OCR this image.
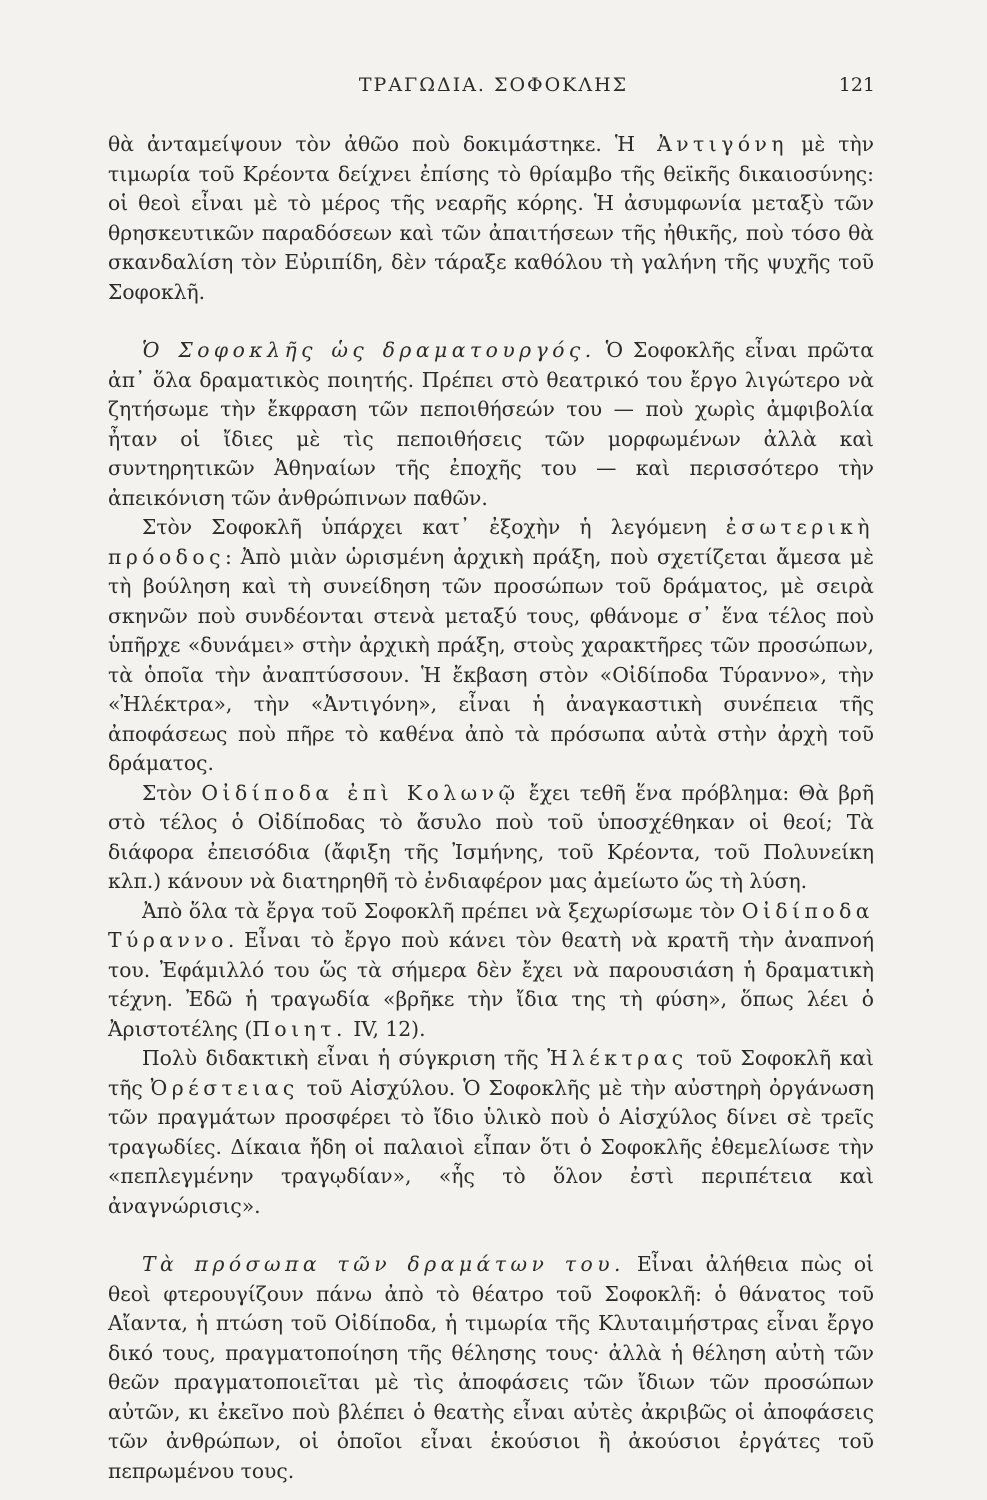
ΤΡΑΓΩΔΙΑ. ΣΟΦΟΚΛΗΣ	121

θὰ ἀνταμείψουν τὸν ἀθῶο ποὺ δοκιμάστηκε. Ἡ Ἀντιγόνη μὲ τὴν τιμωρία τοῦ Κρέοντα δείχνει ἐπίσης τὸ θρίαμβο τῆς θεϊκῆς δικαιοσύνης: οἱ θεοὶ εἶναι μὲ τὸ μέρος τῆς νεαρῆς κόρης. Ἡ ἀσυμφωνία μεταξὺ τῶν θρησκευτικῶν παραδόσεων καὶ τῶν ἀπαιτήσεων τῆς ἠθικῆς, ποὺ τόσο θὰ σκανδαλίση τὸν Εὐριπίδη, δὲν τάραξε καθόλου τὴ γαλήνη τῆς ψυχῆς τοῦ Σοφοκλῆ.

Ὁ Σοφοκλῆς ὡς δραματουργός. Ὁ Σοφοκλῆς εἶναι πρῶτα ἀπ᾽ ὅλα δραματικὸς ποιητής. Πρέπει στὸ θεατρικό του ἔργο λιγώτερο νὰ ζητήσωμε τὴν ἔκφραση τῶν πεποιθήσεών του — ποὺ χωρὶς ἀμφιβολία ἦταν οἱ ἴδιες μὲ τὶς πεποιθήσεις τῶν μορφωμένων ἀλλὰ καὶ συντηρητικῶν Ἀθηναίων τῆς ἐποχῆς του — καὶ περισσότερο τὴν ἀπεικόνιση τῶν ἀνθρώπινων παθῶν.

Στὸν Σοφοκλῆ ὑπάρχει κατ᾽ ἐξοχὴν ἡ λεγόμενη ἐσωτερικὴ πρόοδος: Ἀπὸ μιὰν ὡρισμένη ἀρχικὴ πράξη, ποὺ σχετίζεται ἄμεσα μὲ τὴ βούληση καὶ τὴ συνείδηση τῶν προσώπων τοῦ δράματος, μὲ σειρὰ σκηνῶν ποὺ συνδέονται στενὰ μεταξύ τους, φθάνομε σ᾽ ἕνα τέλος ποὺ ὑπῆρχε «δυνάμει» στὴν ἀρχικὴ πράξη, στοὺς χαρακτῆρες τῶν προσώπων, τὰ ὁποῖα τὴν ἀναπτύσσουν. Ἡ ἔκβαση στὸν «Οἰδίποδα Τύραννο», τὴν «Ἠλέκτρα», τὴν «Ἀντιγόνη», εἶναι ἡ ἀναγκαστικὴ συνέπεια τῆς ἀποφάσεως ποὺ πῆρε τὸ καθένα ἀπὸ τὰ πρόσωπα αὐτὰ στὴν ἀρχὴ τοῦ δράματος.

Στὸν Οἰδίποδα ἐπὶ Κολωνῷ ἔχει τεθῆ ἕνα πρόβλημα: Θὰ βρῆ στὸ τέλος ὁ Οἰδίποδας τὸ ἄσυλο ποὺ τοῦ ὑποσχέθηκαν οἱ θεοί; Τὰ διάφορα ἐπεισόδια (ἄφιξη τῆς Ἰσμήνης, τοῦ Κρέοντα, τοῦ Πολυνείκη κλπ.) κάνουν νὰ διατηρηθῆ τὸ ἐνδιαφέρον μας ἀμείωτο ὥς τὴ λύση.

Ἀπὸ ὅλα τὰ ἔργα τοῦ Σοφοκλῆ πρέπει νὰ ξεχωρίσωμε τὸν Οἰδίποδα Τύραννο. Εἶναι τὸ ἔργο ποὺ κάνει τὸν θεατὴ νὰ κρατῆ τὴν ἀναπνοή του. Ἐφάμιλλό του ὥς τὰ σήμερα δὲν ἔχει νὰ παρουσιάση ἡ δραματικὴ τέχνη. Ἐδῶ ἡ τραγωδία «βρῆκε τὴν ἴδια της τὴ φύση», ὅπως λέει ὁ Ἀριστοτέλης (Ποιητ. IV, 12).

Πολὺ διδακτικὴ εἶναι ἡ σύγκριση τῆς Ἠλέκτρας τοῦ Σοφοκλῆ καὶ τῆς Ὀρέστειας τοῦ Αἰσχύλου. Ὁ Σοφοκλῆς μὲ τὴν αὐστηρὴ ὀργάνωση τῶν πραγμάτων προσφέρει τὸ ἴδιο ὑλικὸ ποὺ ὁ Αἰσχύλος δίνει σὲ τρεῖς τραγωδίες. Δίκαια ἤδη οἱ παλαιοὶ εἶπαν ὅτι ὁ Σοφοκλῆς ἐθεμελίωσε τὴν «πεπλεγμένην τραγῳδίαν», «ἧς τὸ ὅλον ἐστὶ περιπέτεια καὶ ἀναγνώρισις».

Τὰ πρόσωπα τῶν δραμάτων του. Εἶναι ἀλήθεια πὼς οἱ θεοὶ φτερουγίζουν πάνω ἀπὸ τὸ θέατρο τοῦ Σοφοκλῆ: ὁ θάνατος τοῦ Αἴαντα, ἡ πτώση τοῦ Οἰδίποδα, ἡ τιμωρία τῆς Κλυταιμήστρας εἶναι ἔργο δικό τους, πραγματοποίηση τῆς θέλησης τους· ἀλλὰ ἡ θέληση αὐτὴ τῶν θεῶν πραγματοποιεῖται μὲ τὶς ἀποφάσεις τῶν ἴδιων τῶν προσώπων αὐτῶν, κι ἐκεῖνο ποὺ βλέπει ὁ θεατὴς εἶναι αὐτὲς ἀκριβῶς οἱ ἀποφάσεις τῶν ἀνθρώπων, οἱ ὁποῖοι εἶναι ἑκούσιοι ἢ ἀκούσιοι ἐργάτες τοῦ πεπρωμένου τους.
